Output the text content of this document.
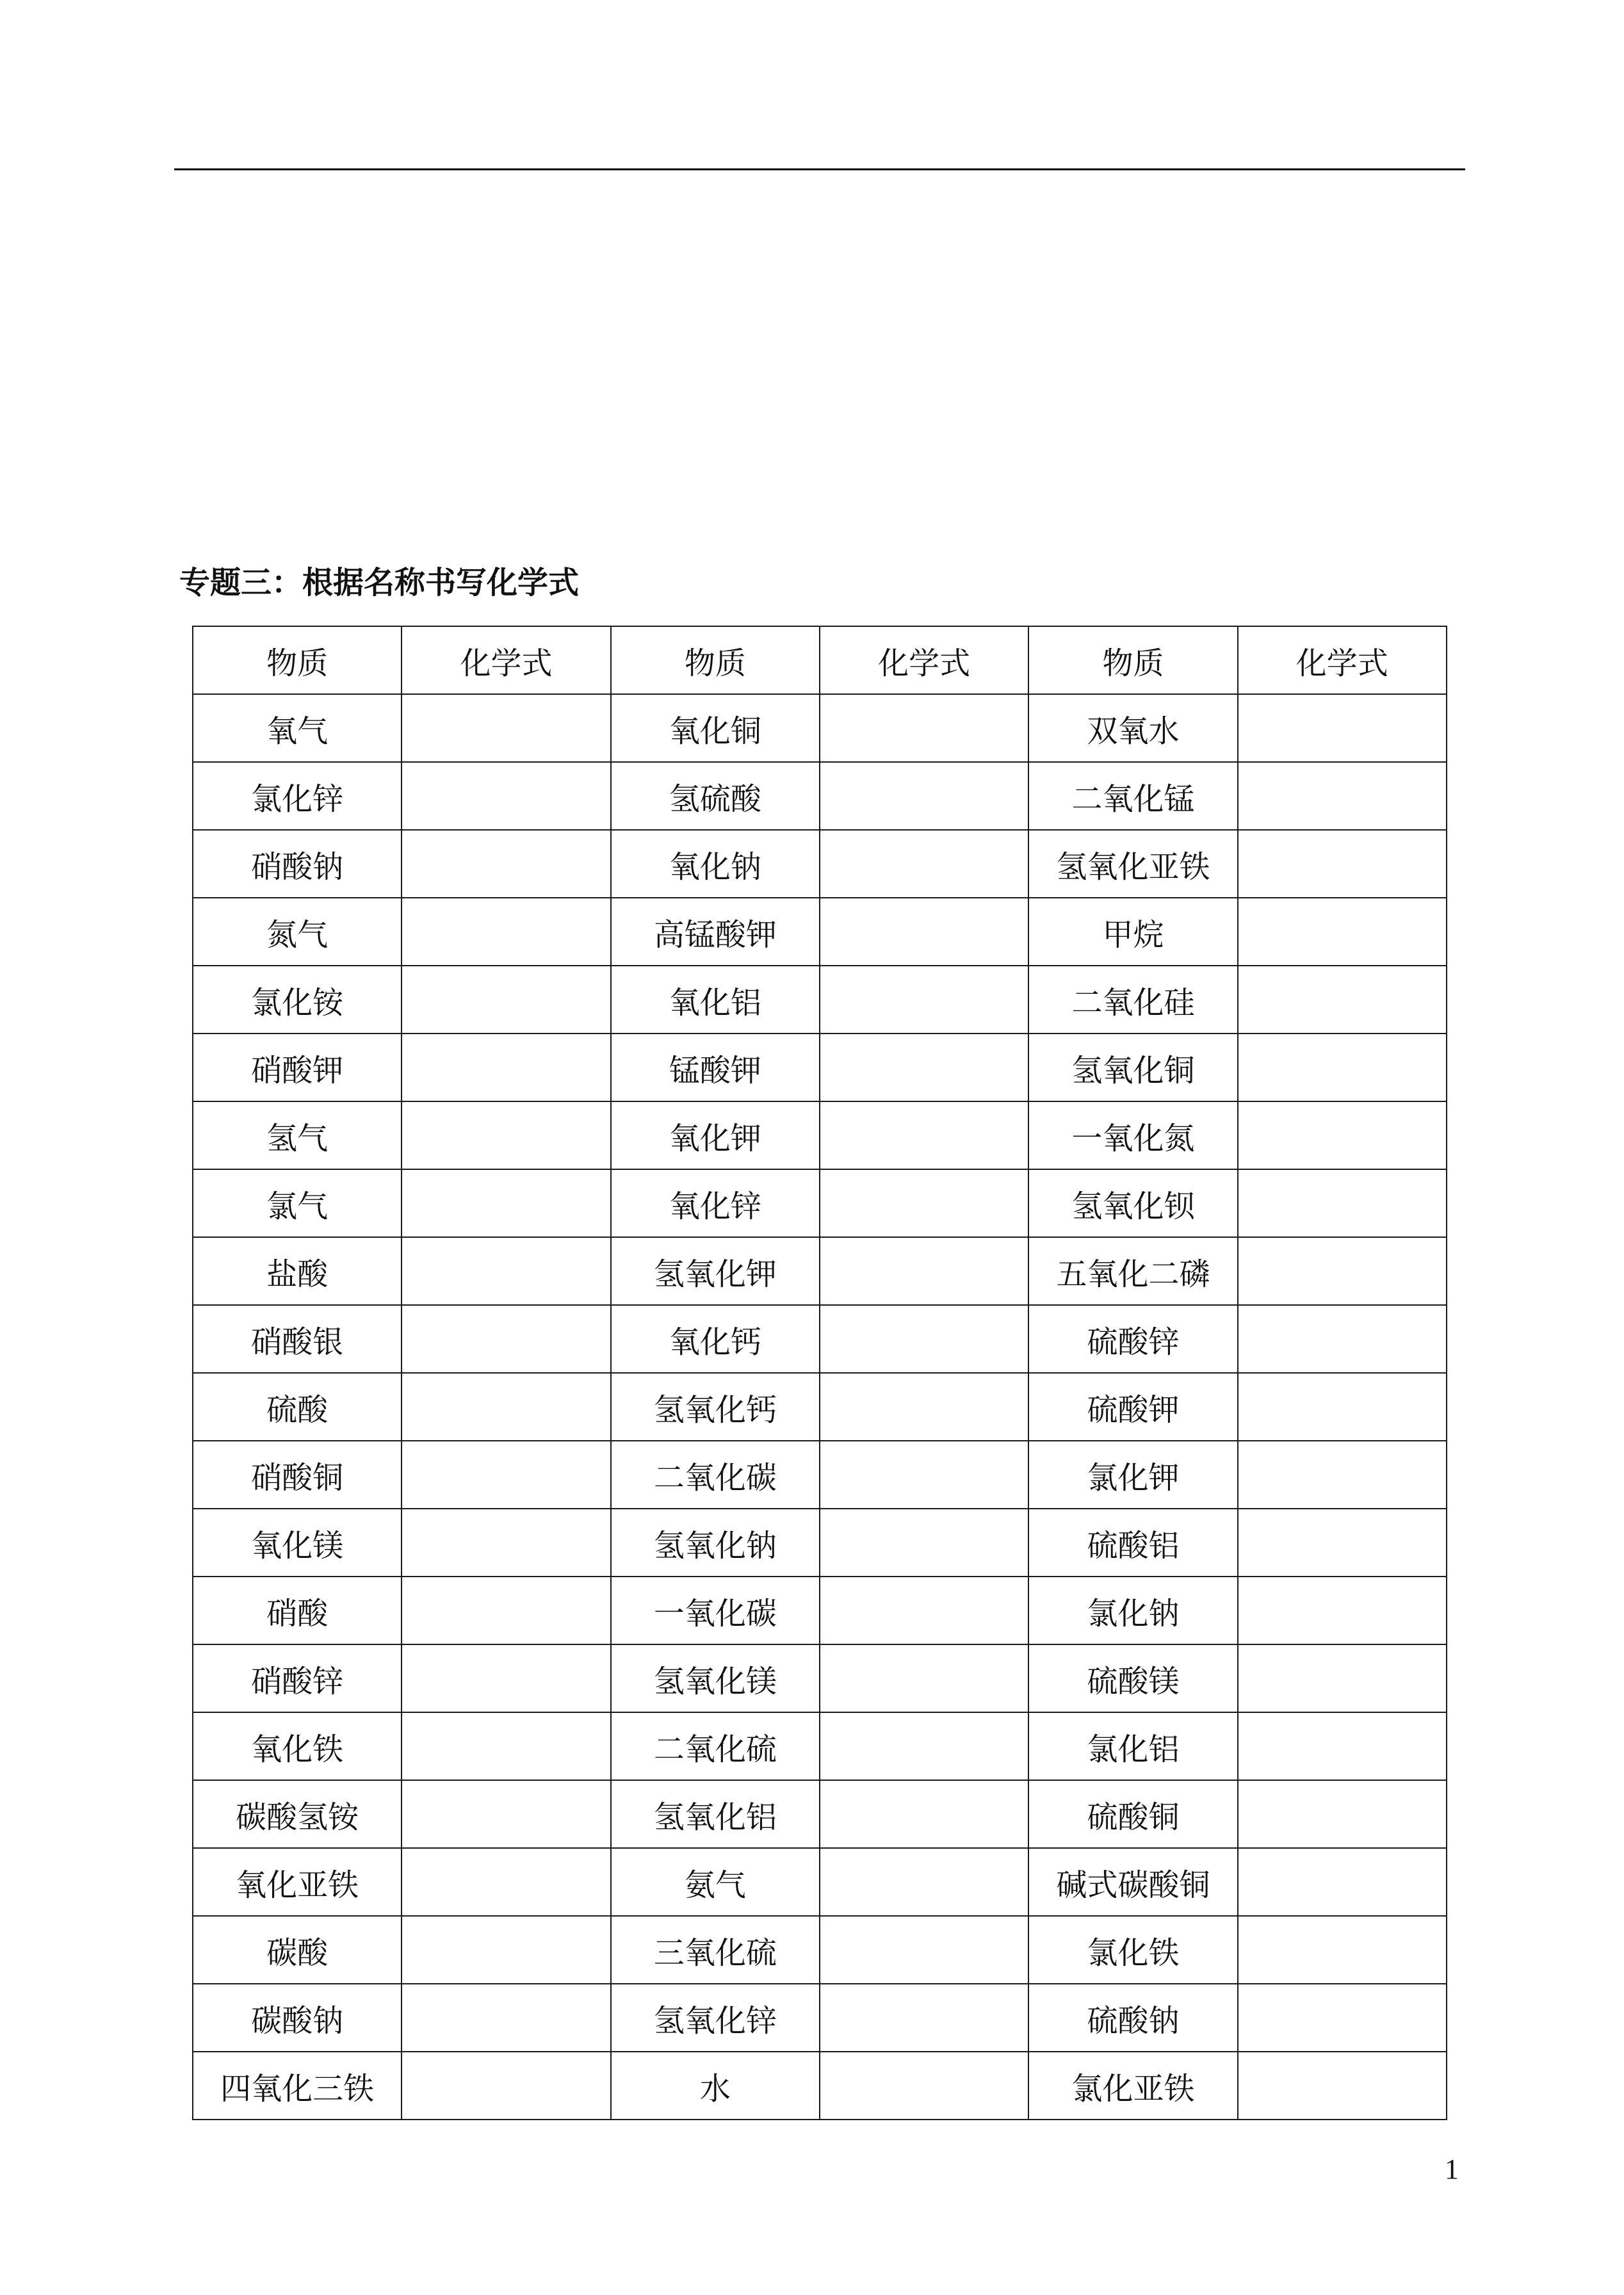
专题三：根据名称书写化学式
物质	化学式	物质	化学式	物质	化学式
氧气		氧化铜		双氧水	
氯化锌		氢硫酸		二氧化锰	
硝酸钠		氧化钠		氢氧化亚铁	
氮气		高锰酸钾		甲烷	
氯化铵		氧化铝		二氧化硅	
硝酸钾		锰酸钾		氢氧化铜	
氢气		氧化钾		一氧化氮	
氯气		氧化锌		氢氧化钡	
盐酸		氢氧化钾		五氧化二磷	
硝酸银		氧化钙		硫酸锌	
硫酸		氢氧化钙		硫酸钾	
硝酸铜		二氧化碳		氯化钾	
氧化镁		氢氧化钠		硫酸铝	
硝酸		一氧化碳		氯化钠	
硝酸锌		氢氧化镁		硫酸镁	
氧化铁		二氧化硫		氯化铝	
碳酸氢铵		氢氧化铝		硫酸铜	
氧化亚铁		氨气		碱式碳酸铜	
碳酸		三氧化硫		氯化铁	
碳酸钠		氢氧化锌		硫酸钠	
四氧化三铁		水		氯化亚铁	
1
